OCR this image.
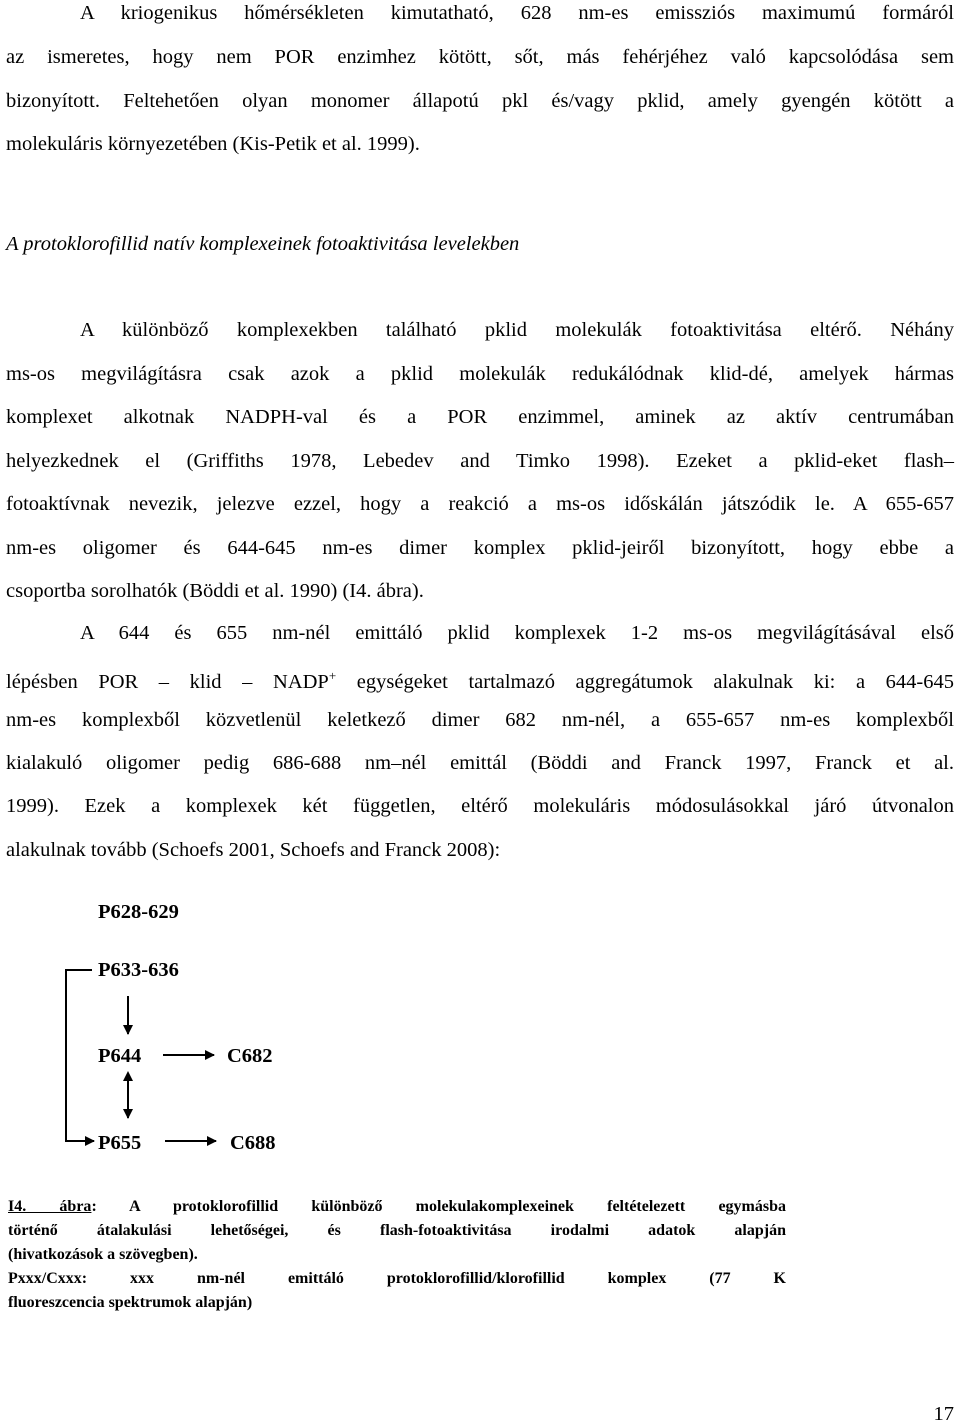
A kriogenikus hőmérsékleten kimutatható, 628 nm-es emissziós maximumú formáról
az ismeretes, hogy nem POR enzimhez kötött, sőt, más fehérjéhez való kapcsolódása sem
bizonyított. Feltehetően olyan monomer állapotú pkl és/vagy pklid, amely gyengén kötött a
molekuláris környezetében (Kis-Petik et al. 1999).
A protoklorofillid natív komplexeinek fotoaktivitása levelekben
A különböző komplexekben található pklid molekulák fotoaktivitása eltérő. Néhány
ms-os megvilágításra csak azok a pklid molekulák redukálódnak klid-dé, amelyek hármas
komplexet alkotnak NADPH-val és a POR enzimmel, aminek az aktív centrumában
helyezkednek el (Griffiths 1978, Lebedev and Timko 1998). Ezeket a pklid-eket flash–
fotoaktívnak nevezik, jelezve ezzel, hogy a reakció a ms-os időskálán játszódik le. A 655-657
nm-es oligomer és 644-645 nm-es dimer komplex pklid-jeiről bizonyított, hogy ebbe a
csoportba sorolhatók (Böddi et al. 1990) (I4. ábra).
A 644 és 655 nm-nél emittáló pklid komplexek 1-2 ms-os megvilágításával első
lépésben POR – klid – NADP+ egységeket tartalmazó aggregátumok alakulnak ki: a 644-645
nm-es komplexből közvetlenül keletkező dimer 682 nm-nél, a 655-657 nm-es komplexből
kialakuló oligomer pedig 686-688 nm–nél emittál (Böddi and Franck 1997, Franck et al.
1999). Ezek a komplexek két független, eltérő molekuláris módosulásokkal járó útvonalon
alakulnak tovább (Schoefs 2001, Schoefs and Franck 2008):
P628-629
P633-636
P644	C682
P655	C688
I4. ábra: A protoklorofillid különböző molekulakomplexeinek feltételezett egymásba
történő átalakulási lehetőségei, és flash-fotoaktivitása irodalmi adatok alapján
(hivatkozások a szövegben).
Pxxx/Cxxx: xxx nm-nél emittáló protoklorofillid/klorofillid komplex (77 K
fluoreszcencia spektrumok alapján)
17
